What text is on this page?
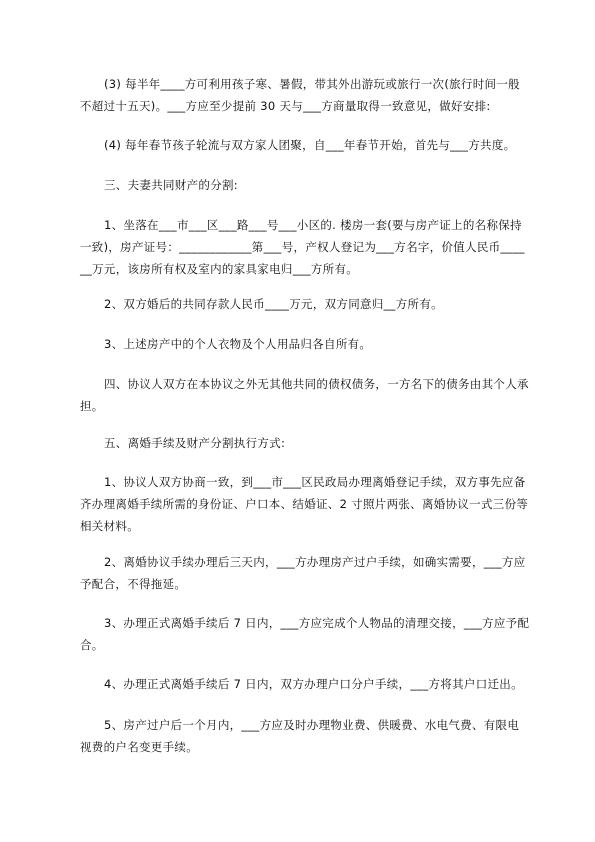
(3) 每半年____方可利用孩子寒、暑假，带其外出游玩或旅行一次(旅行时间一般不超过十五天)。___方应至少提前 30 天与___方商量取得一致意见，做好安排:

(4) 每年春节孩子轮流与双方家人团聚，自___年春节开始，首先与___方共度。

三、夫妻共同财产的分割:

1、坐落在___市___区___路___号___小区的. 楼房一套(要与房产证上的名称保持一致)，房产证号：____________第___号，产权人登记为___方名字，价值人民币______万元，该房所有权及室内的家具家电归___方所有。

2、双方婚后的共同存款人民币____万元，双方同意归__方所有。

3、上述房产中的个人衣物及个人用品归各自所有。

四、协议人双方在本协议之外无其他共同的债权债务，一方名下的债务由其个人承担。

五、离婚手续及财产分割执行方式:

1、协议人双方协商一致，到___市___区民政局办理离婚登记手续，双方事先应备齐办理离婚手续所需的身份证、户口本、结婚证、2 寸照片两张、离婚协议一式三份等相关材料。

2、离婚协议手续办理后三天内，___方办理房产过户手续，如确实需要，___方应予配合，不得拖延。

3、办理正式离婚手续后 7 日内，___方应完成个人物品的清理交接，___方应予配合。

4、办理正式离婚手续后 7 日内，双方办理户口分户手续，___方将其户口迁出。

5、房产过户后一个月内，___方应及时办理物业费、供暖费、水电气费、有限电视费的户名变更手续。
